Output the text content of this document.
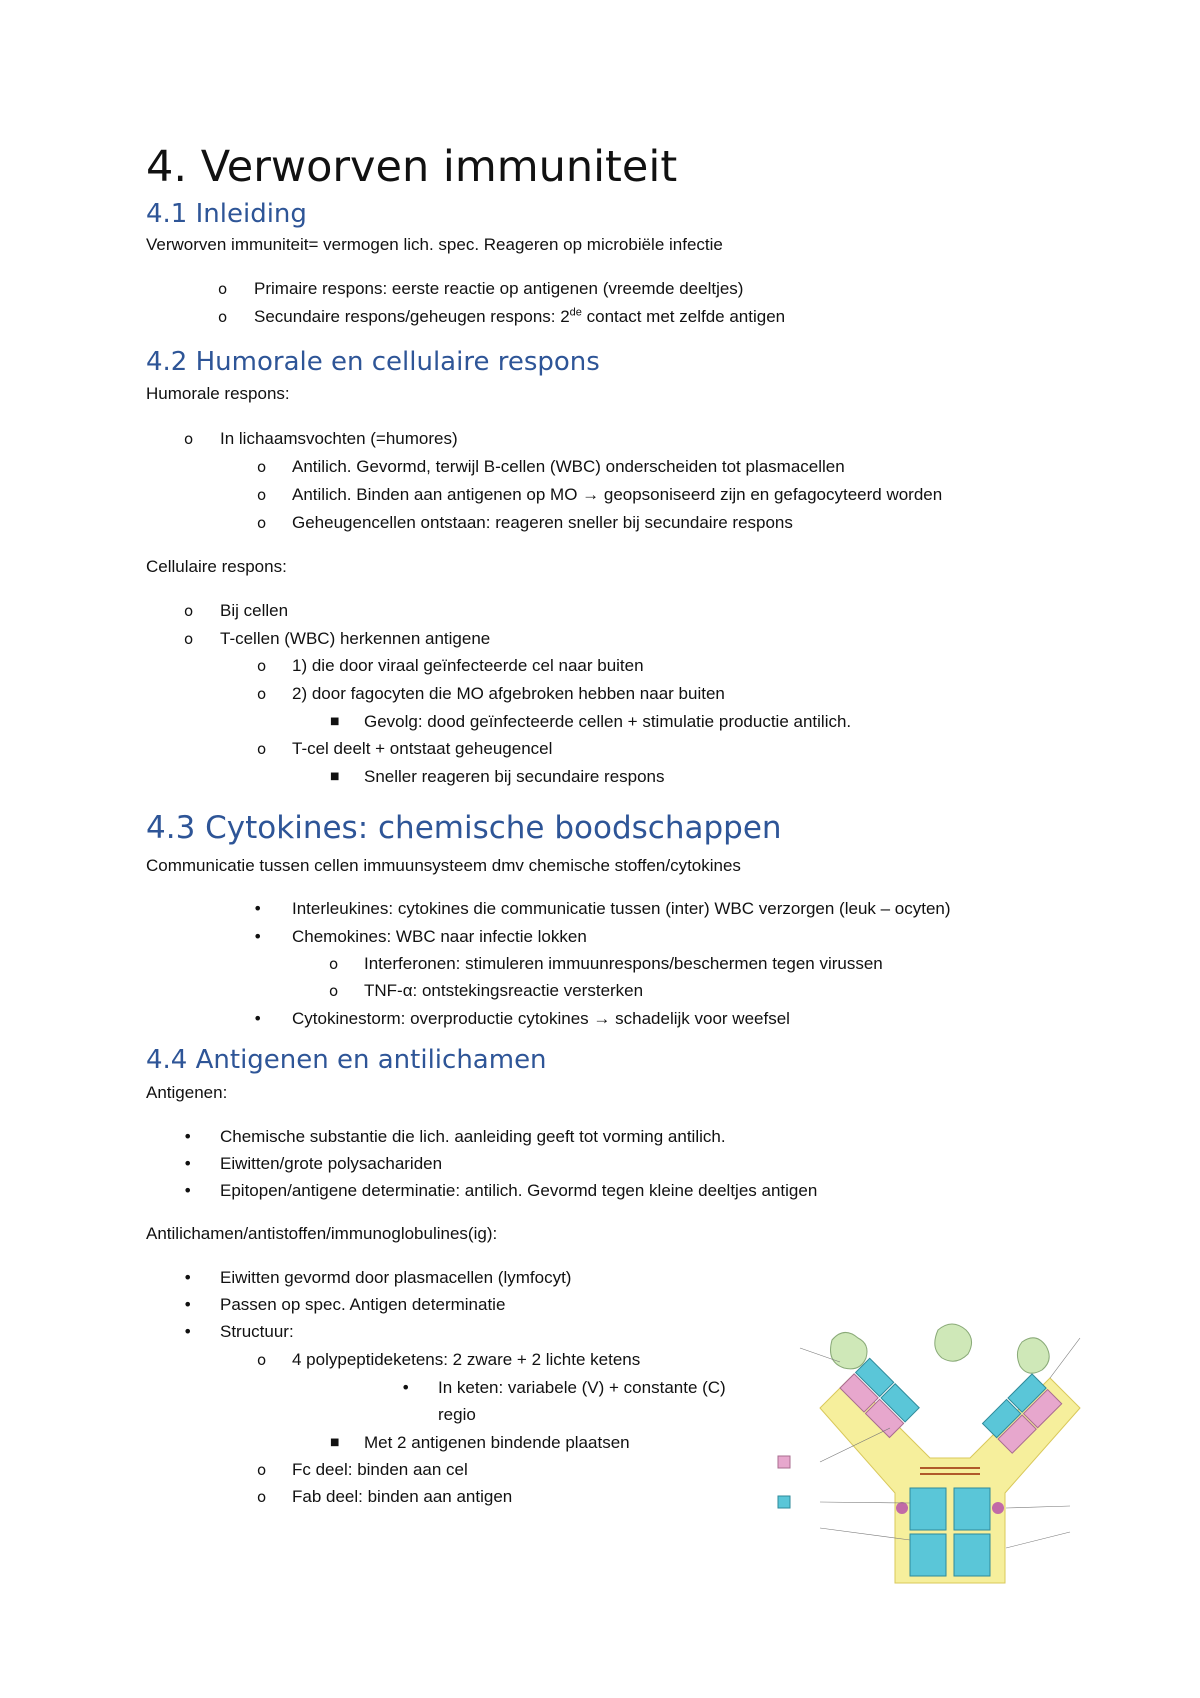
4. Verworven immuniteit
4.1 Inleiding
Verworven immuniteit= vermogen lich. spec. Reageren op microbiële infectie
o Primaire respons: eerste reactie op antigenen (vreemde deeltjes)
o Secundaire respons/geheugen respons: 2de contact met zelfde antigen
4.2 Humorale en cellulaire respons
Humorale respons:
o In lichaamsvochten (=humores)
o Antilich. Gevormd, terwijl B-cellen (WBC) onderscheiden tot plasmacellen
o Antilich. Binden aan antigenen op MO → geopsoniseerd zijn en gefagocyteerd worden
o Geheugencellen ontstaan: reageren sneller bij secundaire respons
Cellulaire respons:
o Bij cellen
o T-cellen (WBC) herkennen antigene
o 1) die door viraal geïnfecteerde cel naar buiten
o 2) door fagocyten die MO afgebroken hebben naar buiten
■ Gevolg: dood geïnfecteerde cellen + stimulatie productie antilich.
o T-cel deelt + ontstaat geheugencel
■ Sneller reageren bij secundaire respons
4.3 Cytokines: chemische boodschappen
Communicatie tussen cellen immuunsysteem dmv chemische stoffen/cytokines
• Interleukines: cytokines die communicatie tussen (inter) WBC verzorgen (leuk – ocyten)
• Chemokines: WBC naar infectie lokken
o Interferonen: stimuleren immuunrespons/beschermen tegen virussen
o TNF-α: ontstekingsreactie versterken
• Cytokinestorm: overproductie cytokines → schadelijk voor weefsel
4.4 Antigenen en antilichamen
Antigenen:
• Chemische substantie die lich. aanleiding geeft tot vorming antilich.
• Eiwitten/grote polysachariden
• Epitopen/antigene determinatie: antilich. Gevormd tegen kleine deeltjes antigen
Antilichamen/antistoffen/immunoglobulines(ig):
• Eiwitten gevormd door plasmacellen (lymfocyt)
• Passen op spec. Antigen determinatie
• Structuur:
o 4 polypeptideketens: 2 zware + 2 lichte ketens
• In keten: variabele (V) + constante (C)
regio
■ Met 2 antigenen bindende plaatsen
o Fc deel: binden aan cel
o Fab deel: binden aan antigen
